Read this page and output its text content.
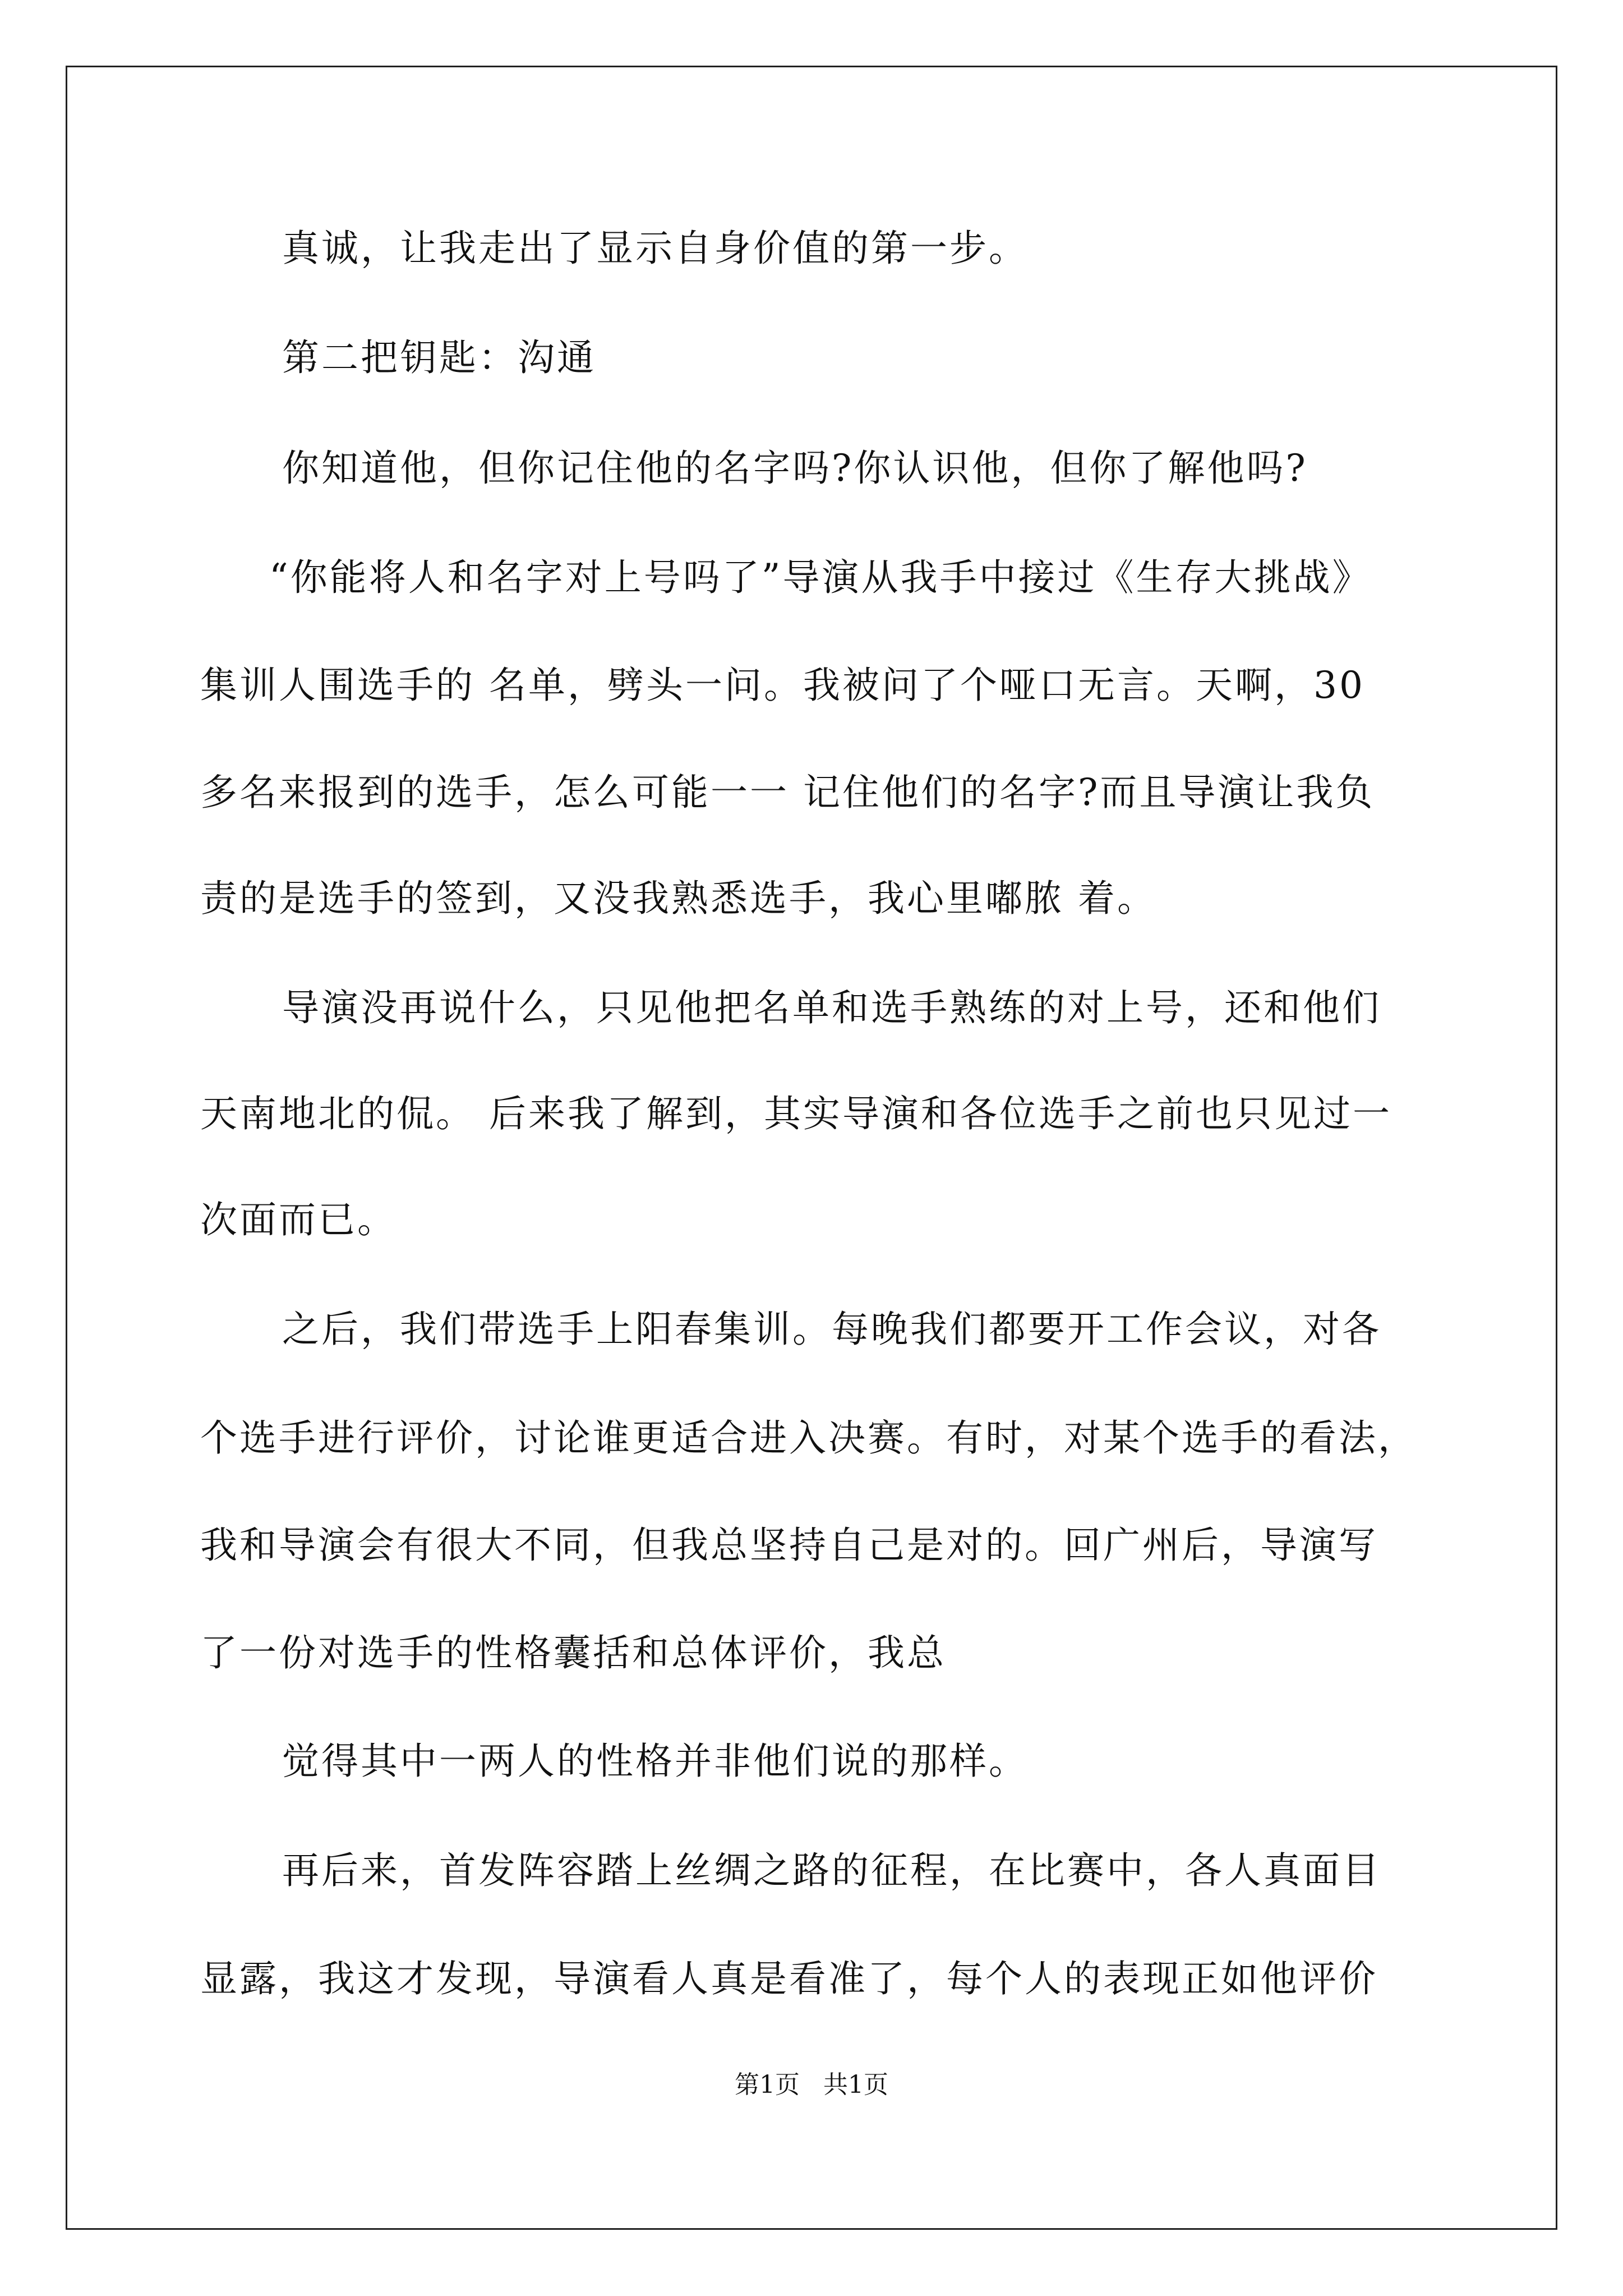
真诚，让我走出了显示自身价值的第一步。
第二把钥匙：沟通
你知道他，但你记住他的名字吗?你认识他，但你了解他吗?
“你能将人和名字对上号吗了”导演从我手中接过《生存大挑战》
集训人围选手的 名单，劈头一问。我被问了个哑口无言。天啊，30
多名来报到的选手，怎么可能一一 记住他们的名字?而且导演让我负
责的是选手的签到，又没我熟悉选手，我心里嘟脓 着。
导演没再说什么，只见他把名单和选手熟练的对上号，还和他们
天南地北的侃。 后来我了解到，其实导演和各位选手之前也只见过一
次面而已。
之后，我们带选手上阳春集训。每晚我们都要开工作会议，对各
个选手进行评价，讨论谁更适合进入决赛。有时，对某个选手的看法，
我和导演会有很大不同，但我总坚持自己是对的。回广州后，导演写
了一份对选手的性格囊括和总体评价，我总
觉得其中一两人的性格并非他们说的那样。
再后来，首发阵容踏上丝绸之路的征程，在比赛中，各人真面目
显露，我这才发现，导演看人真是看准了，每个人的表现正如他评价
第1页   共1页
